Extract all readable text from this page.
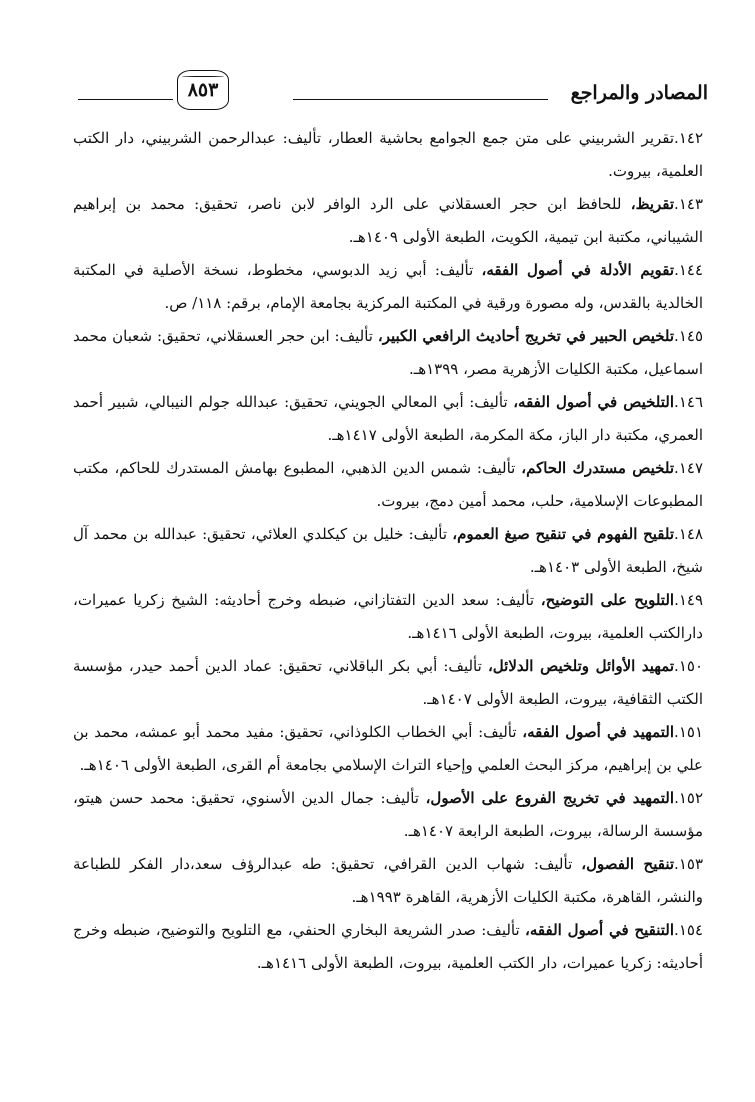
المصادر والمراجع
٨٥٣

١٤٢.تقرير الشربيني على متن جمع الجوامع بحاشية العطار، تأليف: عبدالرحمن الشربيني، دار الكتب العلمية، بيروت.

١٤٣.تقريظ، للحافظ ابن حجر العسقلاني على الرد الوافر لابن ناصر، تحقيق: محمد بن إبراهيم الشيباني، مكتبة ابن تيمية، الكويت، الطبعة الأولى ١٤٠٩هـ.

١٤٤.تقويم الأدلة في أصول الفقه، تأليف: أبي زيد الدبوسي، مخطوط، نسخة الأصلية في المكتبة الخالدية بالقدس، وله مصورة ورقية في المكتبة المركزية بجامعة الإمام، برقم: ١١٨/ ص.

١٤٥.تلخيص الحبير في تخريج أحاديث الرافعي الكبير، تأليف: ابن حجر العسقلاني، تحقيق: شعبان محمد اسماعيل، مكتبة الكليات الأزهرية مصر، ١٣٩٩هـ.

١٤٦.التلخيص في أصول الفقه، تأليف: أبي المعالي الجويني، تحقيق: عبدالله جولم النيبالي، شبير أحمد العمري، مكتبة دار الباز، مكة المكرمة، الطبعة الأولى ١٤١٧هـ.

١٤٧.تلخيص مستدرك الحاكم، تأليف: شمس الدين الذهبي، المطبوع بهامش المستدرك للحاكم، مكتب المطبوعات الإسلامية، حلب، محمد أمين دمج، بيروت.

١٤٨.تلقيح الفهوم في تنقيح صيغ العموم، تأليف: خليل بن كيكلدي العلائي، تحقيق: عبدالله بن محمد آل شيخ، الطبعة الأولى ١٤٠٣هـ.

١٤٩.التلويح على التوضيح، تأليف: سعد الدين التفتازاني، ضبطه وخرج أحاديثه: الشيخ زكريا عميرات، دارالكتب العلمية، بيروت، الطبعة الأولى ١٤١٦هـ.

١٥٠.تمهيد الأوائل وتلخيص الدلائل، تأليف: أبي بكر الباقلاني، تحقيق: عماد الدين أحمد حيدر، مؤسسة الكتب الثقافية، بيروت، الطبعة الأولى ١٤٠٧هـ.

١٥١.التمهيد في أصول الفقه، تأليف: أبي الخطاب الكلوذاني، تحقيق: مفيد محمد أبو عمشه، محمد بن علي بن إبراهيم، مركز البحث العلمي وإحياء التراث الإسلامي بجامعة أم القرى، الطبعة الأولى ١٤٠٦هـ.

١٥٢.التمهيد في تخريج الفروع على الأصول، تأليف: جمال الدين الأسنوي، تحقيق: محمد حسن هيتو، مؤسسة الرسالة، بيروت، الطبعة الرابعة ١٤٠٧هـ.

١٥٣.تنقيح الفصول، تأليف: شهاب الدين القرافي، تحقيق: طه عبدالرؤف سعد،دار الفكر للطباعة والنشر، القاهرة، مكتبة الكليات الأزهرية، القاهرة ١٩٩٣هـ.

١٥٤.التنقيح في أصول الفقه، تأليف: صدر الشريعة البخاري الحنفي، مع التلويح والتوضيح، ضبطه وخرج أحاديثه: زكريا عميرات، دار الكتب العلمية، بيروت، الطبعة الأولى ١٤١٦هـ.
